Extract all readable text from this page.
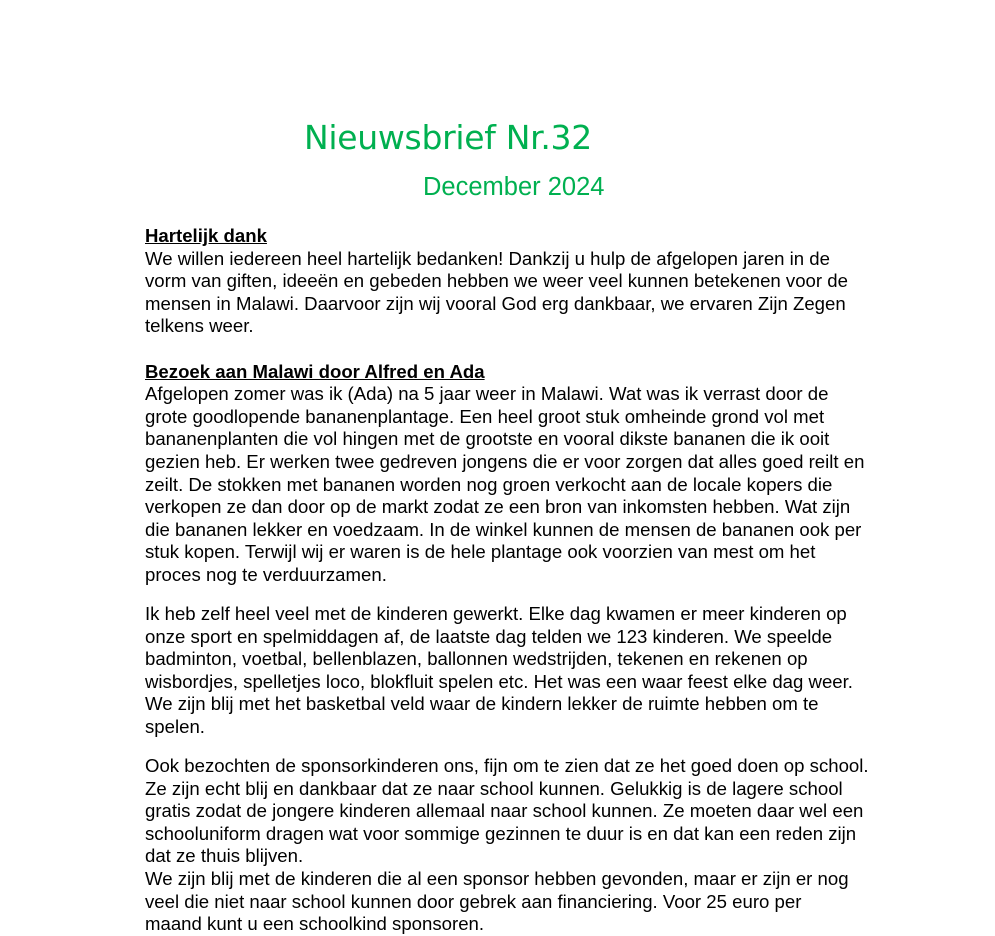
Nieuwsbrief Nr.32
December 2024
Hartelijk dank
We willen iedereen heel hartelijk bedanken! Dankzij u hulp de afgelopen jaren in de
vorm van giften, ideeën en gebeden hebben we weer veel kunnen betekenen voor de
mensen in Malawi. Daarvoor zijn wij vooral God erg dankbaar, we ervaren Zijn Zegen
telkens weer.
Bezoek aan Malawi door Alfred en Ada
Afgelopen zomer was ik (Ada) na 5 jaar weer in Malawi. Wat was ik verrast door de
grote goodlopende bananenplantage. Een heel groot stuk omheinde grond vol met
bananenplanten die vol hingen met de grootste en vooral dikste bananen die ik ooit
gezien heb. Er werken twee gedreven jongens die er voor zorgen dat alles goed reilt en
zeilt. De stokken met bananen worden nog groen verkocht aan de locale kopers die
verkopen ze dan door op de markt zodat ze een bron van inkomsten hebben. Wat zijn
die bananen lekker en voedzaam. In de winkel kunnen de mensen de bananen ook per
stuk kopen. Terwijl wij er waren is de hele plantage ook voorzien van mest om het
proces nog te verduurzamen.
Ik heb zelf heel veel met de kinderen gewerkt. Elke dag kwamen er meer kinderen op
onze sport en spelmiddagen af, de laatste dag telden we 123 kinderen. We speelde
badminton, voetbal, bellenblazen, ballonnen wedstrijden, tekenen en rekenen op
wisbordjes, spelletjes loco, blokfluit spelen etc. Het was een waar feest elke dag weer.
We zijn blij met het basketbal veld waar de kindern lekker de ruimte hebben om te
spelen.
Ook bezochten de sponsorkinderen ons, fijn om te zien dat ze het goed doen op school.
Ze zijn echt blij en dankbaar dat ze naar school kunnen. Gelukkig is de lagere school
gratis zodat de jongere kinderen allemaal naar school kunnen. Ze moeten daar wel een
schooluniform dragen wat voor sommige gezinnen te duur is en dat kan een reden zijn
dat ze thuis blijven.
We zijn blij met de kinderen die al een sponsor hebben gevonden, maar er zijn er nog
veel die niet naar school kunnen door gebrek aan financiering. Voor 25 euro per
maand kunt u een schoolkind sponsoren.
